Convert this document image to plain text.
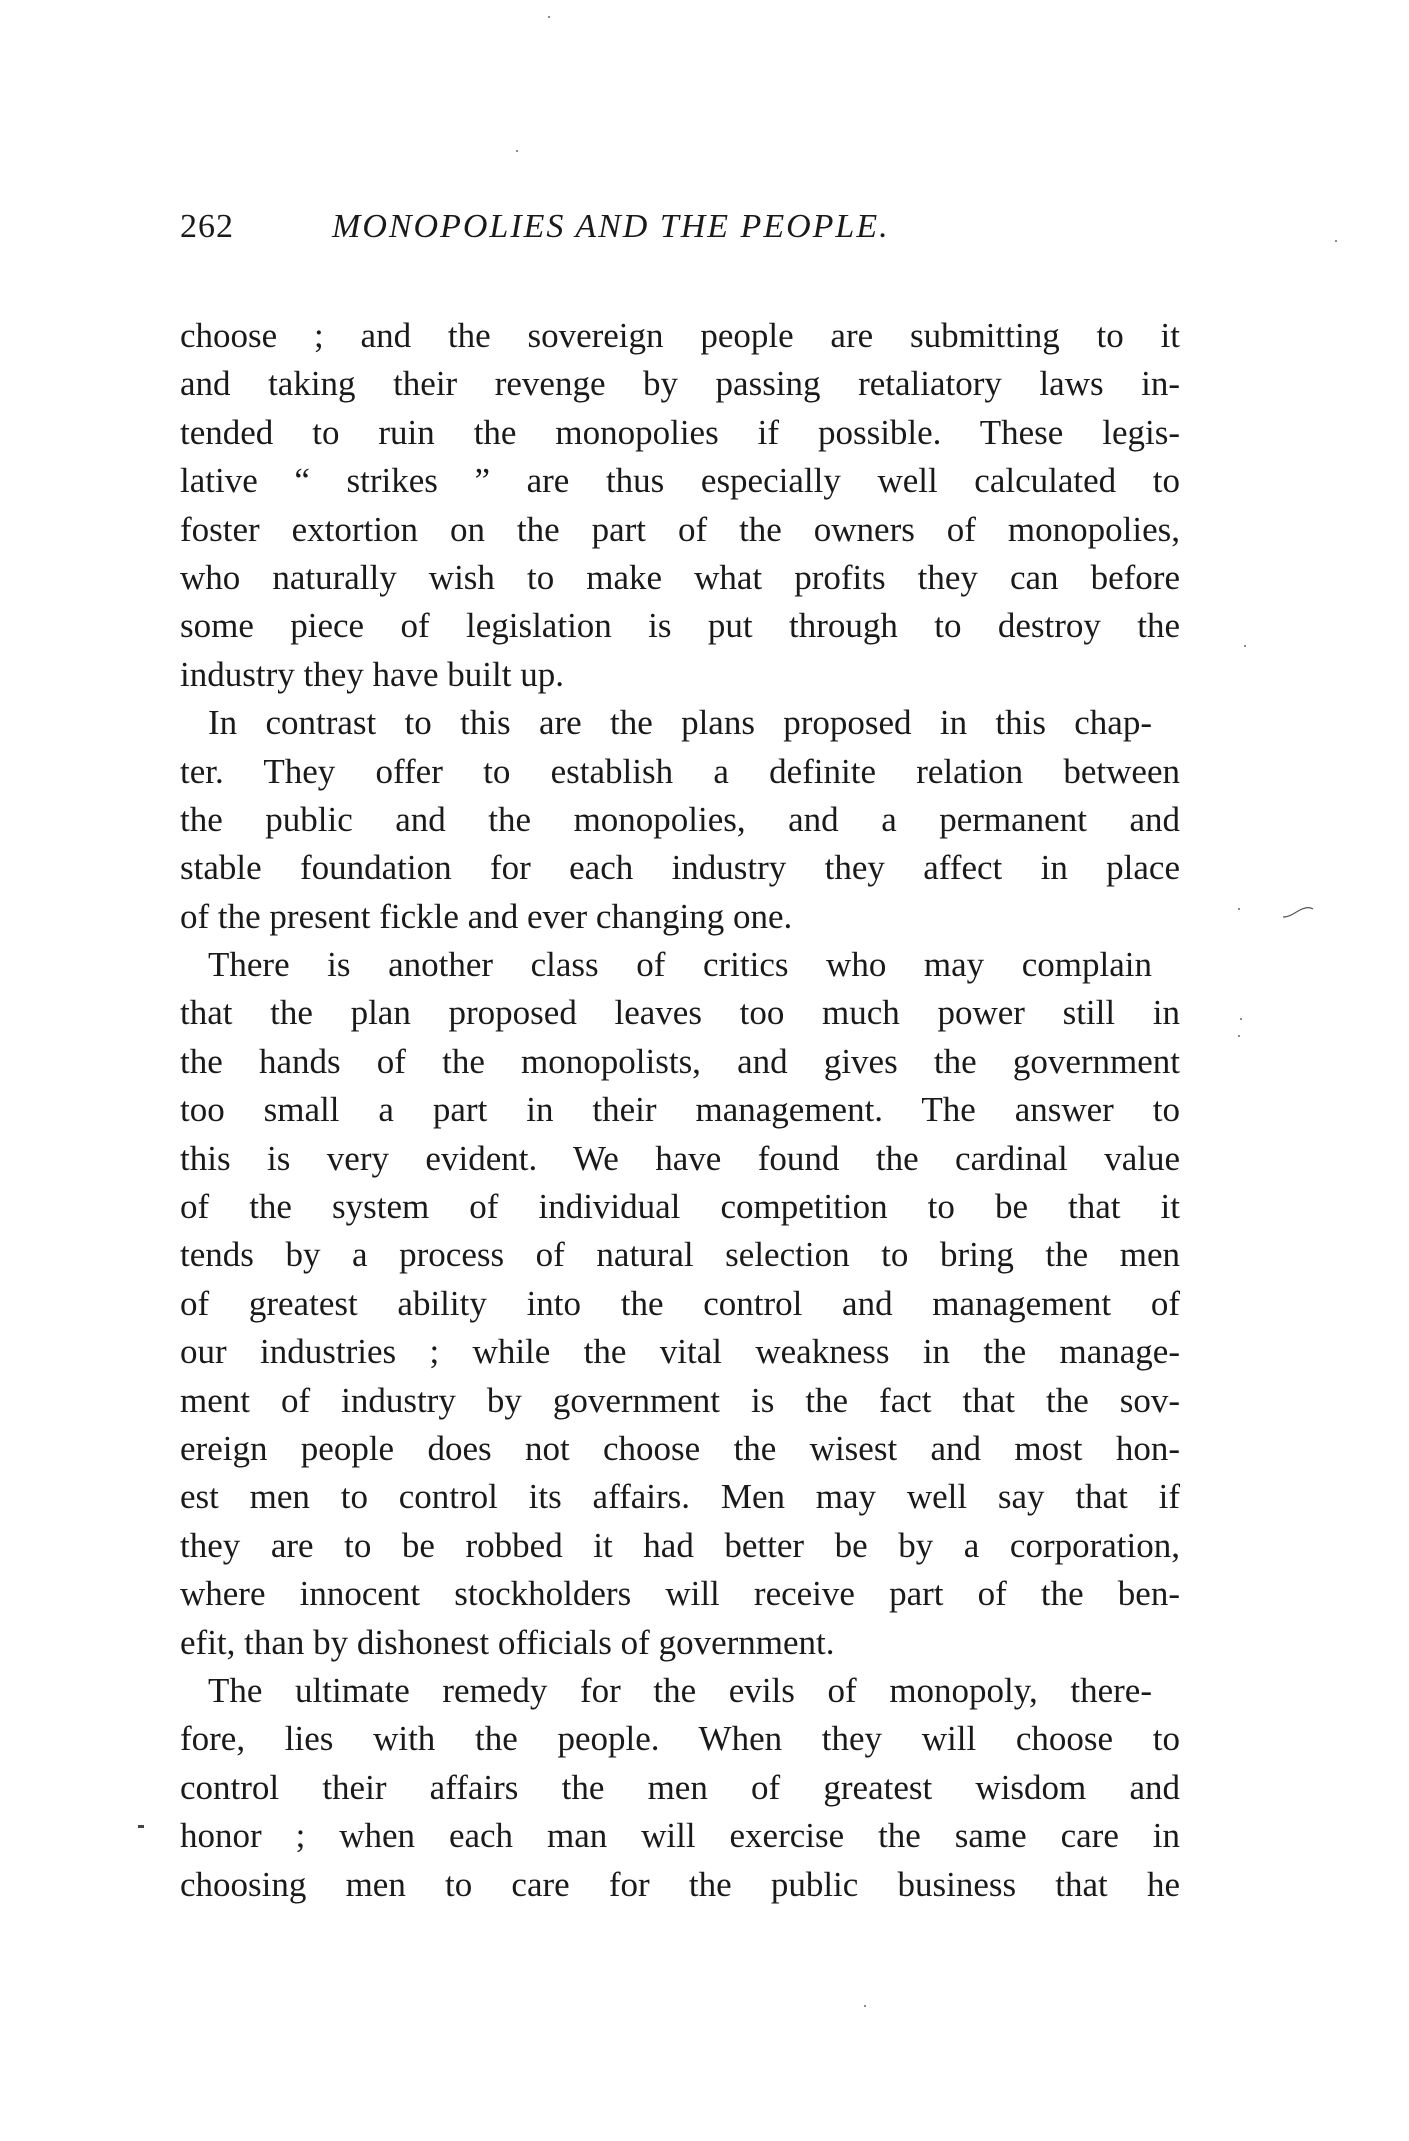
262	MONOPOLIES AND THE PEOPLE.
choose ; and the sovereign people are submitting to it
and taking their revenge by passing retaliatory laws in-
tended to ruin the monopolies if possible. These legis-
lative “ strikes ” are thus especially well calculated to
foster extortion on the part of the owners of monopolies,
who naturally wish to make what profits they can before
some piece of legislation is put through to destroy the
industry they have built up.
In contrast to this are the plans proposed in this chap-
ter. They offer to establish a definite relation between
the public and the monopolies, and a permanent and
stable foundation for each industry they affect in place
of the present fickle and ever changing one.
There is another class of critics who may complain
that the plan proposed leaves too much power still in
the hands of the monopolists, and gives the government
too small a part in their management. The answer to
this is very evident. We have found the cardinal value
of the system of individual competition to be that it
tends by a process of natural selection to bring the men
of greatest ability into the control and management of
our industries ; while the vital weakness in the manage-
ment of industry by government is the fact that the sov-
ereign people does not choose the wisest and most hon-
est men to control its affairs. Men may well say that if
they are to be robbed it had better be by a corporation,
where innocent stockholders will receive part of the ben-
efit, than by dishonest officials of government.
The ultimate remedy for the evils of monopoly, there-
fore, lies with the people. When they will choose to
control their affairs the men of greatest wisdom and
honor ; when each man will exercise the same care in
choosing men to care for the public business that he
